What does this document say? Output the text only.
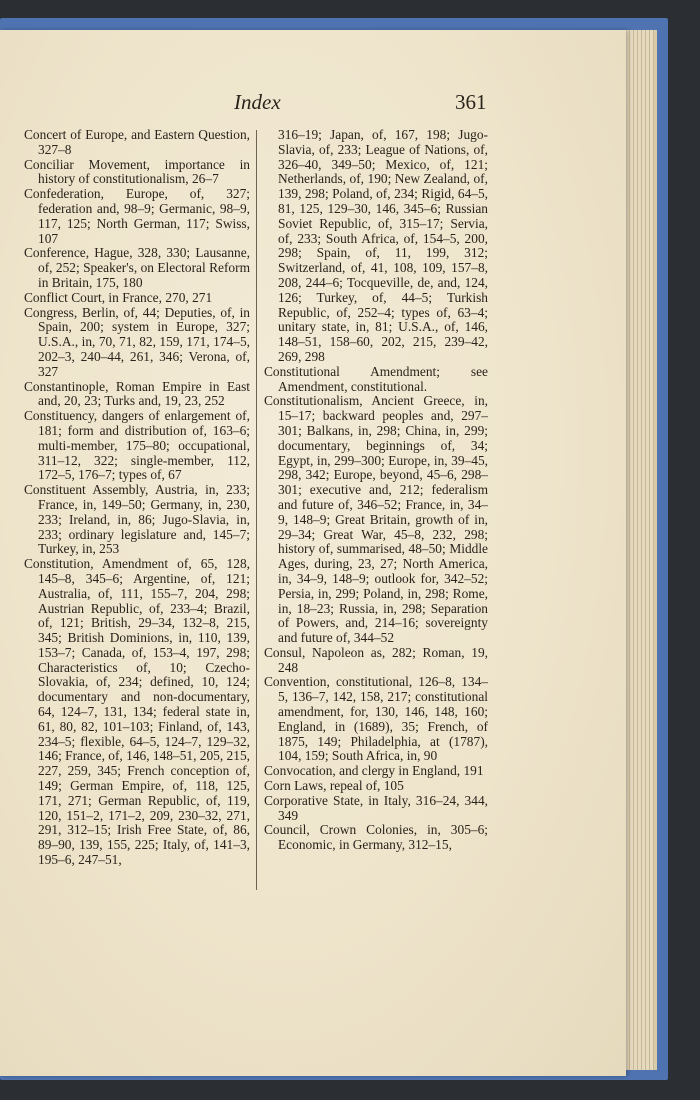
Index	361

Concert of Europe, and Eastern Question, 327–8

Conciliar Movement, importance in history of constitutionalism, 26–7

Confederation, Europe, of, 327; federation and, 98–9; Germanic, 98–9, 117, 125; North German, 117; Swiss, 107

Conference, Hague, 328, 330; Lausanne, of, 252; Speaker's, on Electoral Reform in Britain, 175, 180

Conflict Court, in France, 270, 271

Congress, Berlin, of, 44; Deputies, of, in Spain, 200; system in Europe, 327; U.S.A., in, 70, 71, 82, 159, 171, 174–5, 202–3, 240–44, 261, 346; Verona, of, 327

Constantinople, Roman Empire in East and, 20, 23; Turks and, 19, 23, 252

Constituency, dangers of enlargement of, 181; form and distribution of, 163–6; multi-member, 175–80; occupational, 311–12, 322; single-member, 112, 172–5, 176–7; types of, 67

Constituent Assembly, Austria, in, 233; France, in, 149–50; Germany, in, 230, 233; Ireland, in, 86; Jugo-Slavia, in, 233; ordinary legislature and, 145–7; Turkey, in, 253

Constitution, Amendment of, 65, 128, 145–8, 345–6; Argentine, of, 121; Australia, of, 111, 155–7, 204, 298; Austrian Republic, of, 233–4; Brazil, of, 121; British, 29–34, 132–8, 215, 345; British Dominions, in, 110, 139, 153–7; Canada, of, 153–4, 197, 298; Characteristics of, 10; Czecho-Slovakia, of, 234; defined, 10, 124; documentary and non-documentary, 64, 124–7, 131, 134; federal state in, 61, 80, 82, 101–103; Finland, of, 143, 234–5; flexible, 64–5, 124–7, 129–32, 146; France, of, 146, 148–51, 205, 215, 227, 259, 345; French conception of, 149; German Empire, of, 118, 125, 171, 271; German Republic, of, 119, 120, 151–2, 171–2, 209, 230–32, 271, 291, 312–15; Irish Free State, of, 86, 89–90, 139, 155, 225; Italy, of, 141–3, 195–6, 247–51,

316–19; Japan, of, 167, 198; Jugo-Slavia, of, 233; League of Nations, of, 326–40, 349–50; Mexico, of, 121; Netherlands, of, 190; New Zealand, of, 139, 298; Poland, of, 234; Rigid, 64–5, 81, 125, 129–30, 146, 345–6; Russian Soviet Republic, of, 315–17; Servia, of, 233; South Africa, of, 154–5, 200, 298; Spain, of, 11, 199, 312; Switzerland, of, 41, 108, 109, 157–8, 208, 244–6; Tocqueville, de, and, 124, 126; Turkey, of, 44–5; Turkish Republic, of, 252–4; types of, 63–4; unitary state, in, 81; U.S.A., of, 146, 148–51, 158–60, 202, 215, 239–42, 269, 298

Constitutional Amendment; see Amendment, constitutional.

Constitutionalism, Ancient Greece, in, 15–17; backward peoples and, 297–301; Balkans, in, 298; China, in, 299; documentary, beginnings of, 34; Egypt, in, 299–300; Europe, in, 39–45, 298, 342; Europe, beyond, 45–6, 298–301; executive and, 212; federalism and future of, 346–52; France, in, 34–9, 148–9; Great Britain, growth of in, 29–34; Great War, 45–8, 232, 298; history of, summarised, 48–50; Middle Ages, during, 23, 27; North America, in, 34–9, 148–9; outlook for, 342–52; Persia, in, 299; Poland, in, 298; Rome, in, 18–23; Russia, in, 298; Separation of Powers, and, 214–16; sovereignty and future of, 344–52

Consul, Napoleon as, 282; Roman, 19, 248

Convention, constitutional, 126–8, 134–5, 136–7, 142, 158, 217; constitutional amendment, for, 130, 146, 148, 160; England, in (1689), 35; French, of 1875, 149; Philadelphia, at (1787), 104, 159; South Africa, in, 90

Convocation, and clergy in England, 191

Corn Laws, repeal of, 105

Corporative State, in Italy, 316–24, 344, 349

Council, Crown Colonies, in, 305–6; Economic, in Germany, 312–15,
